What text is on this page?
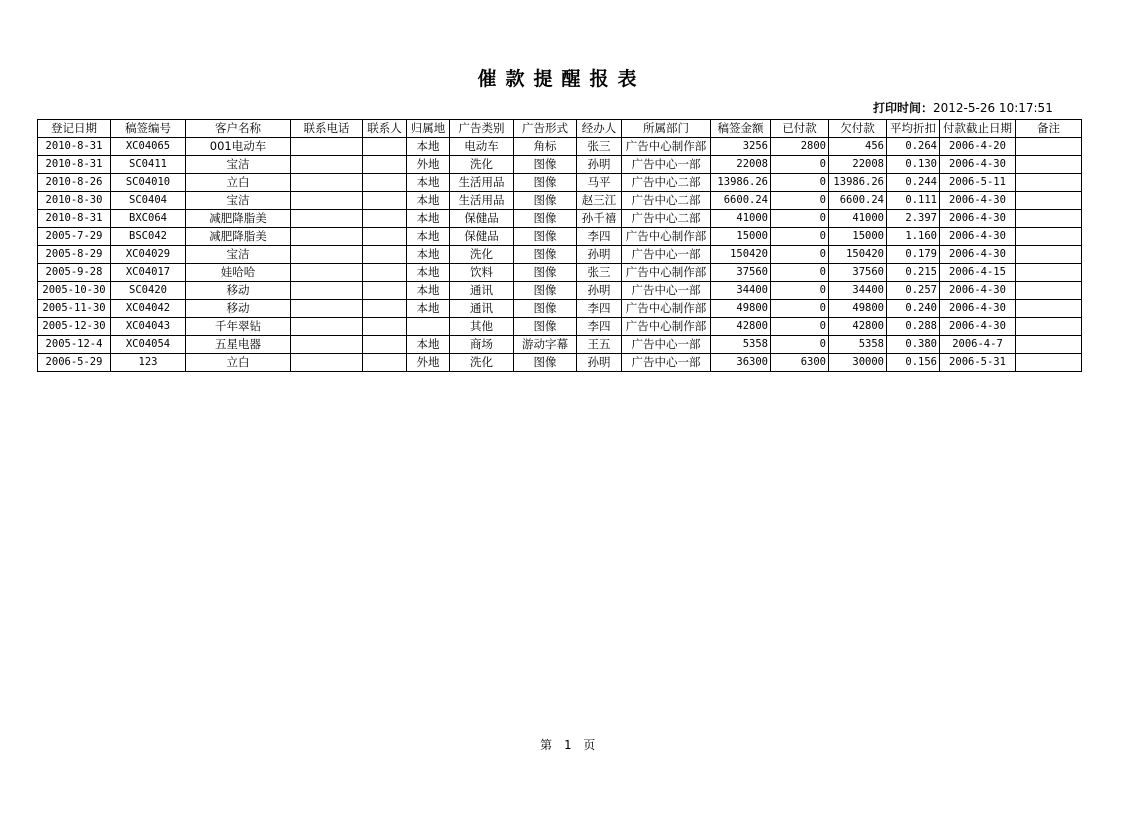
催款提醒报表
打印时间：2012-5-26 10:17:51
登记日期	稿签编号	客户名称	联系电话	联系人	归属地	广告类别	广告形式	经办人	所属部门	稿签金额	已付款	欠付款	平均折扣	付款截止日期	备注
2010-8-31	XC04065	001电动车			本地	电动车	角标	张三	广告中心制作部	3256	2800	456	0.264	2006-4-20	
2010-8-31	SC0411	宝洁			外地	洗化	图像	孙明	广告中心一部	22008	0	22008	0.130	2006-4-30	
2010-8-26	SC04010	立白			本地	生活用品	图像	马平	广告中心二部	13986.26	0	13986.26	0.244	2006-5-11	
2010-8-30	SC0404	宝洁			本地	生活用品	图像	赵三江	广告中心二部	6600.24	0	6600.24	0.111	2006-4-30	
2010-8-31	BXC064	减肥降脂美			本地	保健品	图像	孙千禧	广告中心二部	41000	0	41000	2.397	2006-4-30	
2005-7-29	BSC042	减肥降脂美			本地	保健品	图像	李四	广告中心制作部	15000	0	15000	1.160	2006-4-30	
2005-8-29	XC04029	宝洁			本地	洗化	图像	孙明	广告中心一部	150420	0	150420	0.179	2006-4-30	
2005-9-28	XC04017	娃哈哈			本地	饮料	图像	张三	广告中心制作部	37560	0	37560	0.215	2006-4-15	
2005-10-30	SC0420	移动			本地	通讯	图像	孙明	广告中心一部	34400	0	34400	0.257	2006-4-30	
2005-11-30	XC04042	移动			本地	通讯	图像	李四	广告中心制作部	49800	0	49800	0.240	2006-4-30	
2005-12-30	XC04043	千年翠钻				其他	图像	李四	广告中心制作部	42800	0	42800	0.288	2006-4-30	
2005-12-4	XC04054	五星电器			本地	商场	游动字幕	王五	广告中心一部	5358	0	5358	0.380	2006-4-7	
2006-5-29	123	立白			外地	洗化	图像	孙明	广告中心一部	36300	6300	30000	0.156	2006-5-31	
第 1 页
